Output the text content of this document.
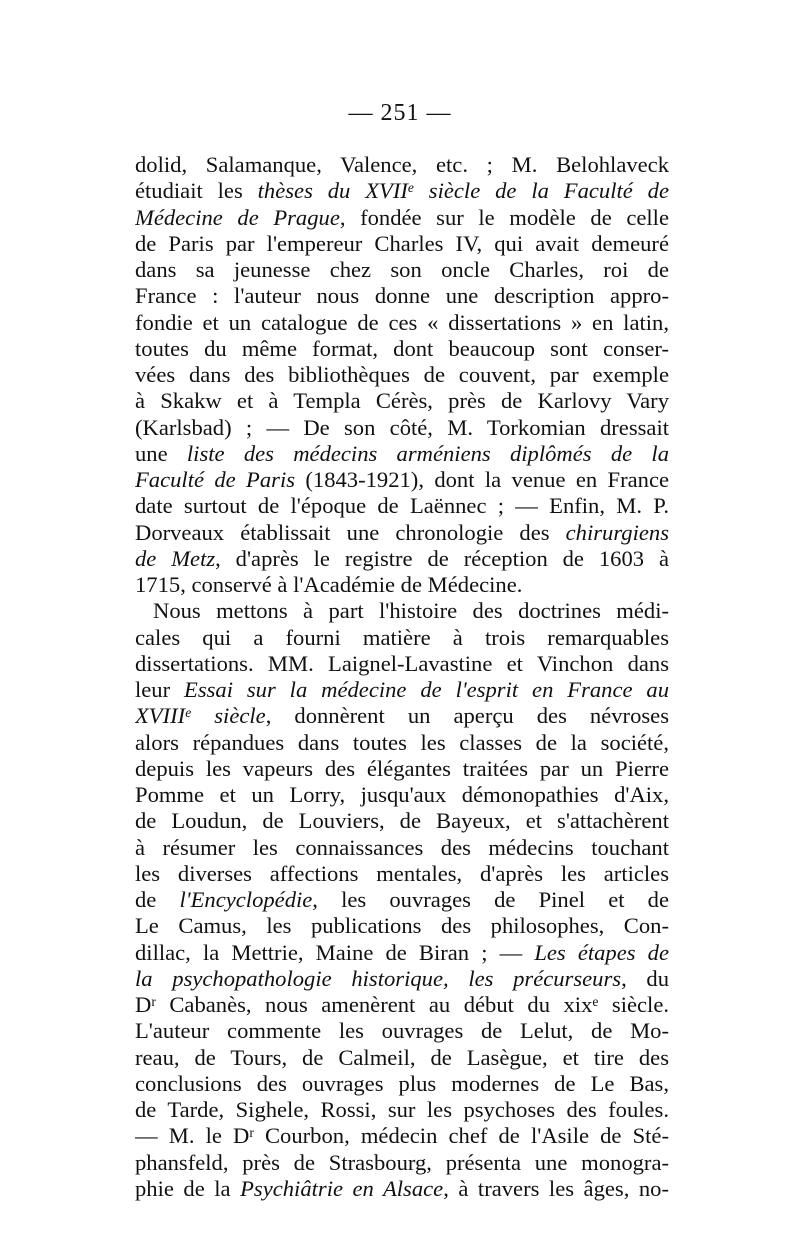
— 251 —
dolid, Salamanque, Valence, etc. ; M. Belohlaveck
étudiait les thèses du XVIIe siècle de la Faculté de
Médecine de Prague, fondée sur le modèle de celle
de Paris par l'empereur Charles IV, qui avait demeuré
dans sa jeunesse chez son oncle Charles, roi de
France : l'auteur nous donne une description appro-
fondie et un catalogue de ces « dissertations » en latin,
toutes du même format, dont beaucoup sont conser-
vées dans des bibliothèques de couvent, par exemple
à Skakw et à Templa Cérès, près de Karlovy Vary
(Karlsbad) ; — De son côté, M. Torkomian dressait
une liste des médecins arméniens diplômés de la
Faculté de Paris (1843-1921), dont la venue en France
date surtout de l'époque de Laënnec ; — Enfin, M. P.
Dorveaux établissait une chronologie des chirurgiens
de Metz, d'après le registre de réception de 1603 à
1715, conservé à l'Académie de Médecine.
Nous mettons à part l'histoire des doctrines médi-
cales qui a fourni matière à trois remarquables
dissertations. MM. Laignel-Lavastine et Vinchon dans
leur Essai sur la médecine de l'esprit en France au
XVIIIe siècle, donnèrent un aperçu des névroses
alors répandues dans toutes les classes de la société,
depuis les vapeurs des élégantes traitées par un Pierre
Pomme et un Lorry, jusqu'aux démonopathies d'Aix,
de Loudun, de Louviers, de Bayeux, et s'attachèrent
à résumer les connaissances des médecins touchant
les diverses affections mentales, d'après les articles
de l'Encyclopédie, les ouvrages de Pinel et de
Le Camus, les publications des philosophes, Con-
dillac, la Mettrie, Maine de Biran ; — Les étapes de
la psychopathologie historique, les précurseurs, du
$D^r$ Cabanès, nous amenèrent au début du xix$^e$ siècle.
L'auteur commente les ouvrages de Lelut, de Mo-
reau, de Tours, de Calmeil, de Lasègue, et tire des
conclusions des ouvrages plus modernes de Le Bas,
de Tarde, Sighele, Rossi, sur les psychoses des foules.
— M. le $D^r$ Courbon, médecin chef de l'Asile de Sté-
phansfeld, près de Strasbourg, présenta une monogra-
phie de la Psychiâtrie en Alsace, à travers les âges, no-
